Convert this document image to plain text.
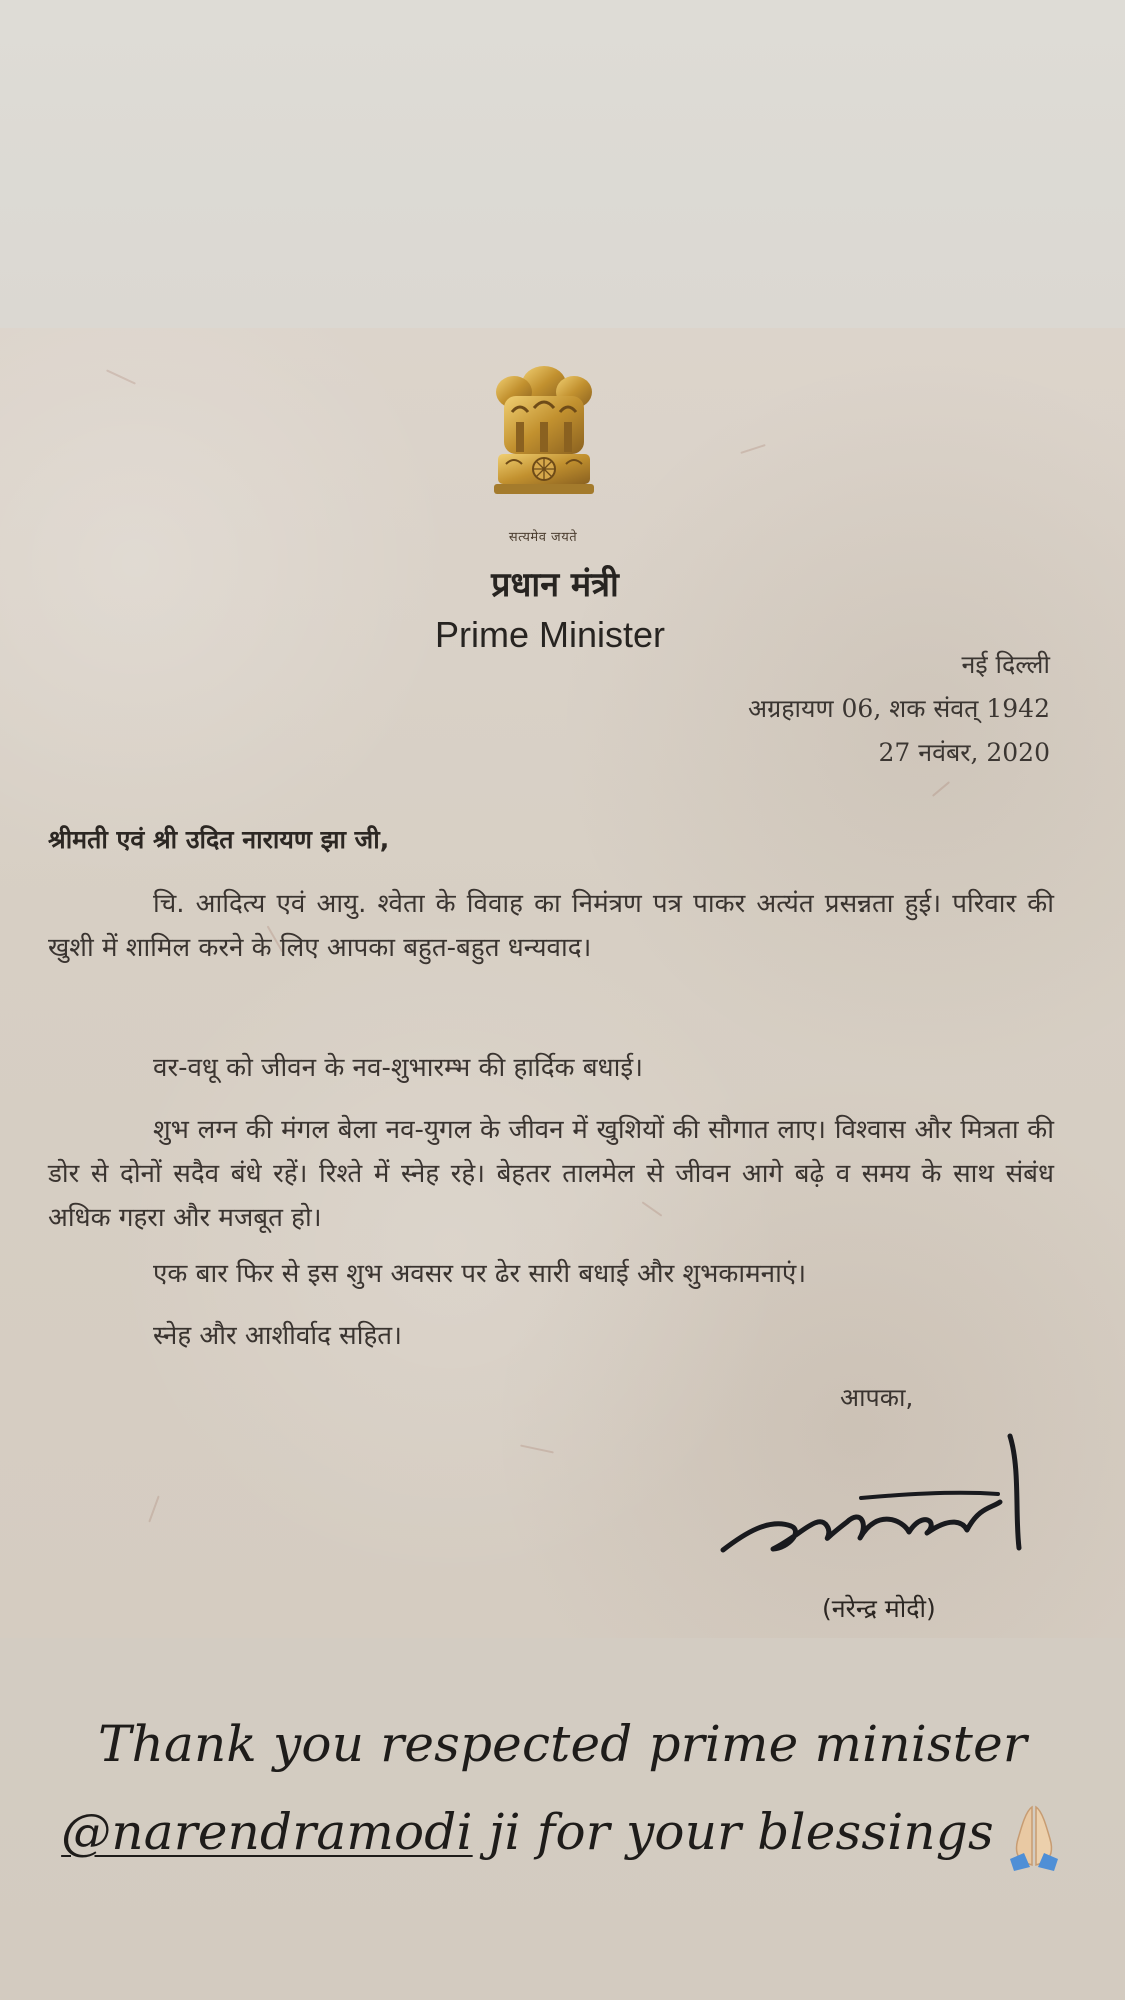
सत्यमेव जयते
प्रधान मंत्री
Prime Minister
नई दिल्ली
अग्रहायण 06, शक संवत् 1942
27 नवंबर, 2020
श्रीमती एवं श्री उदित नारायण झा जी,
चि. आदित्य एवं आयु. श्वेता के विवाह का निमंत्रण पत्र पाकर अत्यंत प्रसन्नता हुई। परिवार की खुशी में शामिल करने के लिए आपका बहुत-बहुत धन्यवाद।
वर-वधू को जीवन के नव-शुभारम्भ की हार्दिक बधाई।
शुभ लग्न की मंगल बेला नव-युगल के जीवन में खुशियों की सौगात लाए। विश्वास और मित्रता की डोर से दोनों सदैव बंधे रहें। रिश्ते में स्नेह रहे। बेहतर तालमेल से जीवन आगे बढ़े व समय के साथ संबंध अधिक गहरा और मजबूत हो।
एक बार फिर से इस शुभ अवसर पर ढेर सारी बधाई और शुभकामनाएं।
स्नेह और आशीर्वाद सहित।
आपका,
(नरेन्द्र मोदी)
Thank you respected prime minister
@narendramodi ji for your blessings
